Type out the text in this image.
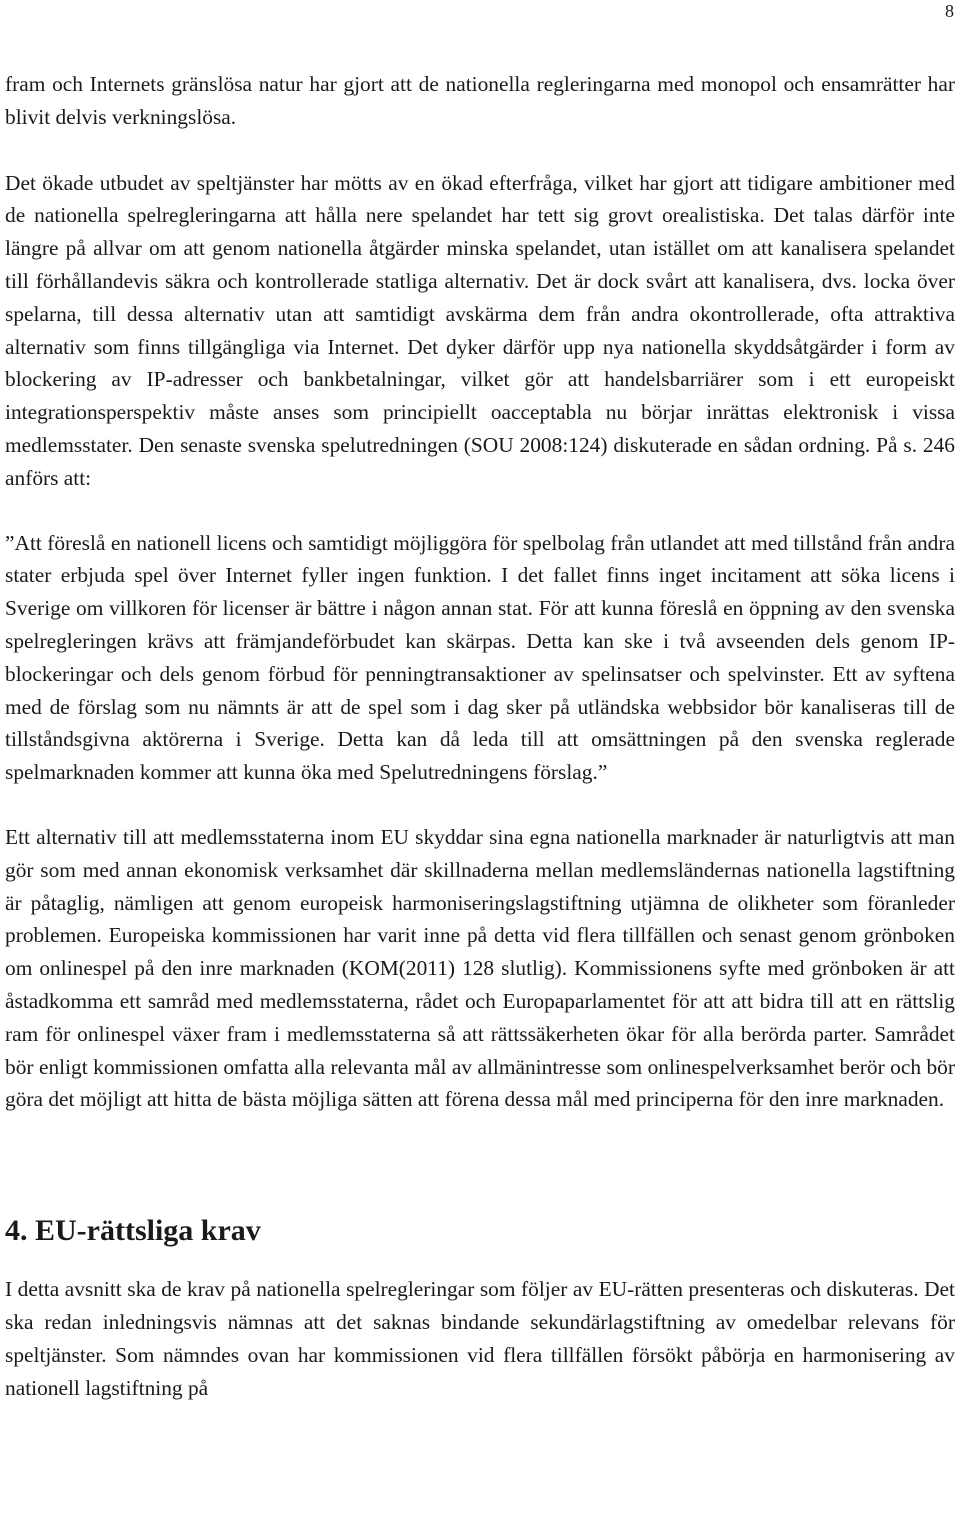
8

fram och Internets gränslösa natur har gjort att de nationella regleringarna med monopol och ensamrätter har blivit delvis verkningslösa.

Det ökade utbudet av speltjänster har mötts av en ökad efterfråga, vilket har gjort att tidigare ambitioner med de nationella spelregleringarna att hålla nere spelandet har tett sig grovt orealistiska. Det talas därför inte längre på allvar om att genom nationella åtgärder minska spelandet, utan istället om att kanalisera spelandet till förhållandevis säkra och kontrollerade statliga alternativ. Det är dock svårt att kanalisera, dvs. locka över spelarna, till dessa alternativ utan att samtidigt avskärma dem från andra okontrollerade, ofta attraktiva alternativ som finns tillgängliga via Internet. Det dyker därför upp nya nationella skyddsåtgärder i form av blockering av IP-adresser och bankbetalningar, vilket gör att handelsbarriärer som i ett europeiskt integrationsperspektiv måste anses som principiellt oacceptabla nu börjar inrättas elektronisk i vissa medlemsstater. Den senaste svenska spelutredningen (SOU 2008:124) diskuterade en sådan ordning. På s. 246 anförs att:

”Att föreslå en nationell licens och samtidigt möjliggöra för spelbolag från utlandet att med tillstånd från andra stater erbjuda spel över Internet fyller ingen funktion. I det fallet finns inget incitament att söka licens i Sverige om villkoren för licenser är bättre i någon annan stat. För att kunna föreslå en öppning av den svenska spelregleringen krävs att främjandeförbudet kan skärpas. Detta kan ske i två avseenden dels genom IP-blockeringar och dels genom förbud för penningtransaktioner av spelinsatser och spelvinster. Ett av syftena med de förslag som nu nämnts är att de spel som i dag sker på utländska webbsidor bör kanaliseras till de tillståndsgivna aktörerna i Sverige. Detta kan då leda till att omsättningen på den svenska reglerade spelmarknaden kommer att kunna öka med Spelutredningens förslag.”

Ett alternativ till att medlemsstaterna inom EU skyddar sina egna nationella marknader är naturligtvis att man gör som med annan ekonomisk verksamhet där skillnaderna mellan medlemsländernas nationella lagstiftning är påtaglig, nämligen att genom europeisk harmoniseringslagstiftning utjämna de olikheter som föranleder problemen. Europeiska kommissionen har varit inne på detta vid flera tillfällen och senast genom grönboken om onlinespel på den inre marknaden (KOM(2011) 128 slutlig). Kommissionens syfte med grönboken är att åstadkomma ett samråd med medlemsstaterna, rådet och Europaparlamentet för att att bidra till att en rättslig ram för onlinespel växer fram i medlemsstaterna så att rättssäkerheten ökar för alla berörda parter. Samrådet bör enligt kommissionen omfatta alla relevanta mål av allmänintresse som onlinespelverksamhet berör och bör göra det möjligt att hitta de bästa möjliga sätten att förena dessa mål med principerna för den inre marknaden.

4. EU-rättsliga krav

I detta avsnitt ska de krav på nationella spelregleringar som följer av EU-rätten presenteras och diskuteras. Det ska redan inledningsvis nämnas att det saknas bindande sekundärlagstiftning av omedelbar relevans för speltjänster. Som nämndes ovan har kommissionen vid flera tillfällen försökt påbörja en harmonisering av nationell lagstiftning på
